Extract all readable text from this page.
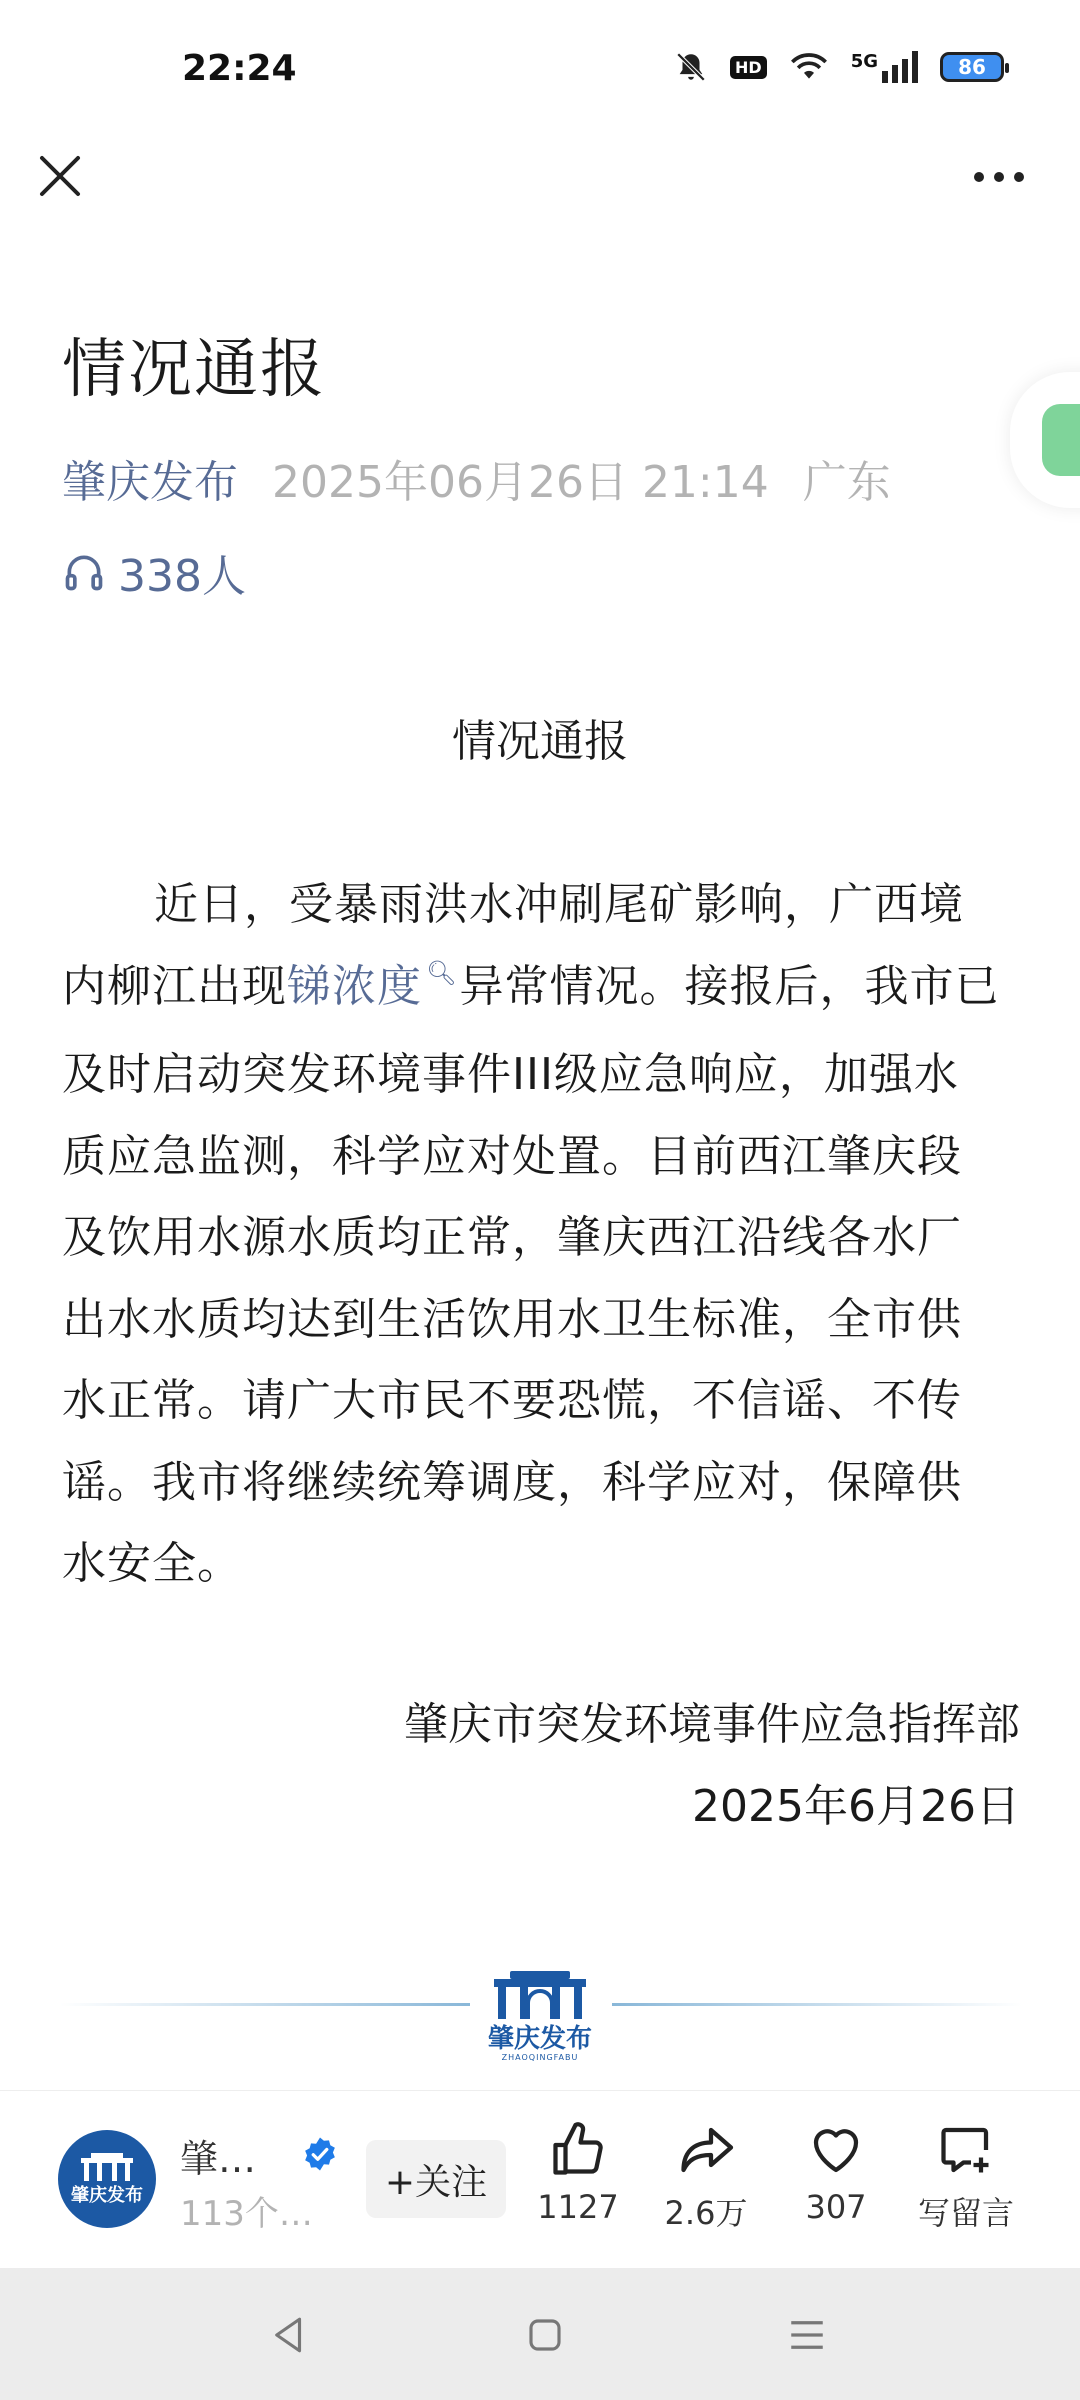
22:24	HD	5G	86
情况通报
肇庆发布 2025年06月26日 21:14 广东
338人
情况通报
近日，受暴雨洪水冲刷尾矿影响，广西境内柳江出现锑浓度 🔍︎异常情况。接报后，我市已及时启动突发环境事件III级应急响应，加强水质应急监测，科学应对处置。目前西江肇庆段及饮用水源水质均正常，肇庆西江沿线各水厂出水水质均达到生活饮用水卫生标准，全市供水正常。请广大市民不要恐慌，不信谣、不传谣。我市将继续统筹调度，科学应对，保障供水安全。
肇庆市突发环境事件应急指挥部
2025年6月26日
肇庆发布
ZHAOQINGFABU
肇庆发布
肇…
113个…
+关注
1127	2.6万	307	写留言
